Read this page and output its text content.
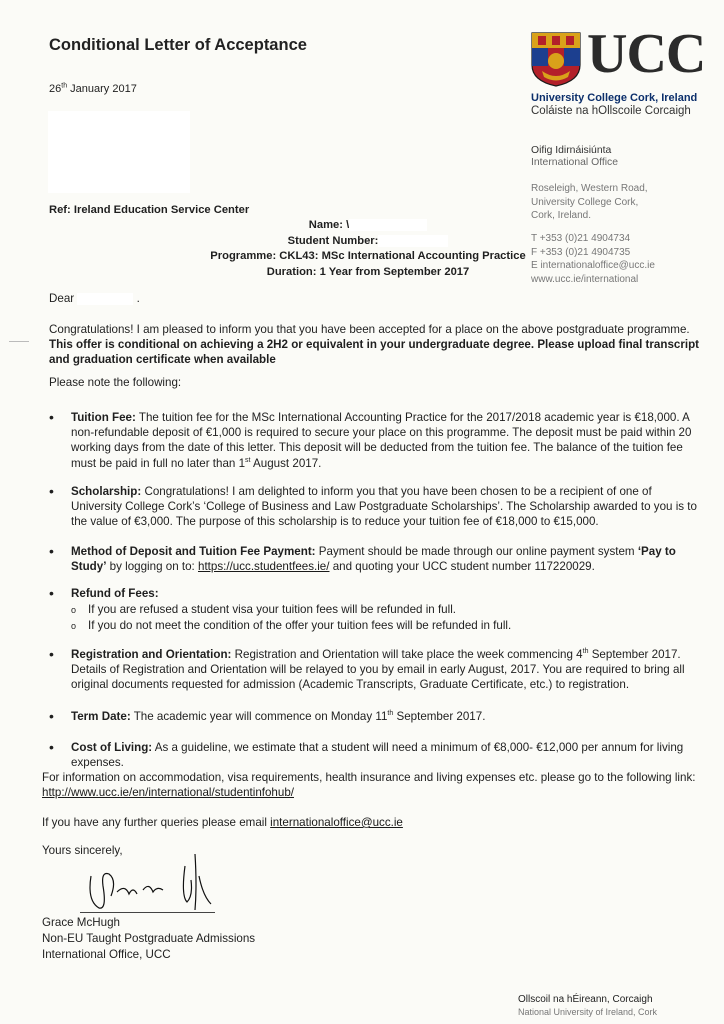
Conditional Letter of Acceptance
26th January 2017
Ref: Ireland Education Service Center
Name: \
Student Number:
Programme: CKL43: MSc International Accounting Practice
Duration: 1 Year from September 2017
UCC
University College Cork, Ireland
Coláiste na hOllscoile Corcaigh
Oifig Idirnáisiúnta
International Office
Roseleigh, Western Road,
University College Cork,
Cork, Ireland.
T +353 (0)21 4904734
F +353 (0)21 4904735
E internationaloffice@ucc.ie
www.ucc.ie/international
Dear	.
Congratulations! I am pleased to inform you that you have been accepted for a place on the above postgraduate programme. This offer is conditional on achieving a 2H2 or equivalent in your undergraduate degree. Please upload final transcript and graduation certificate when available
Please note the following:
• Tuition Fee: The tuition fee for the MSc International Accounting Practice for the 2017/2018 academic year is €18,000. A non-refundable deposit of €1,000 is required to secure your place on this programme. The deposit must be paid within 20 working days from the date of this letter. This deposit will be deducted from the tuition fee. The balance of the tuition fee must be paid in full no later than 1st August 2017.
• Scholarship: Congratulations! I am delighted to inform you that you have been chosen to be a recipient of one of University College Cork’s ‘College of Business and Law Postgraduate Scholarships’. The Scholarship awarded to you is to the value of €3,000. The purpose of this scholarship is to reduce your tuition fee of €18,000 to €15,000.
• Method of Deposit and Tuition Fee Payment: Payment should be made through our online payment system ‘Pay to Study’ by logging on to: https://ucc.studentfees.ie/ and quoting your UCC student number 117220029.
• Refund of Fees:
o If you are refused a student visa your tuition fees will be refunded in full.
o If you do not meet the condition of the offer your tuition fees will be refunded in full.
• Registration and Orientation: Registration and Orientation will take place the week commencing 4th September 2017. Details of Registration and Orientation will be relayed to you by email in early August, 2017. You are required to bring all original documents requested for admission (Academic Transcripts, Graduate Certificate, etc.) to registration.
• Term Date: The academic year will commence on Monday 11th September 2017.
• Cost of Living: As a guideline, we estimate that a student will need a minimum of €8,000- €12,000 per annum for living expenses.
For information on accommodation, visa requirements, health insurance and living expenses etc. please go to the following link: http://www.ucc.ie/en/international/studentinfohub/
If you have any further queries please email internationaloffice@ucc.ie
Yours sincerely,
Grace McHugh
Non-EU Taught Postgraduate Admissions
International Office, UCC
Ollscoil na hÉireann, Corcaigh
National University of Ireland, Cork
